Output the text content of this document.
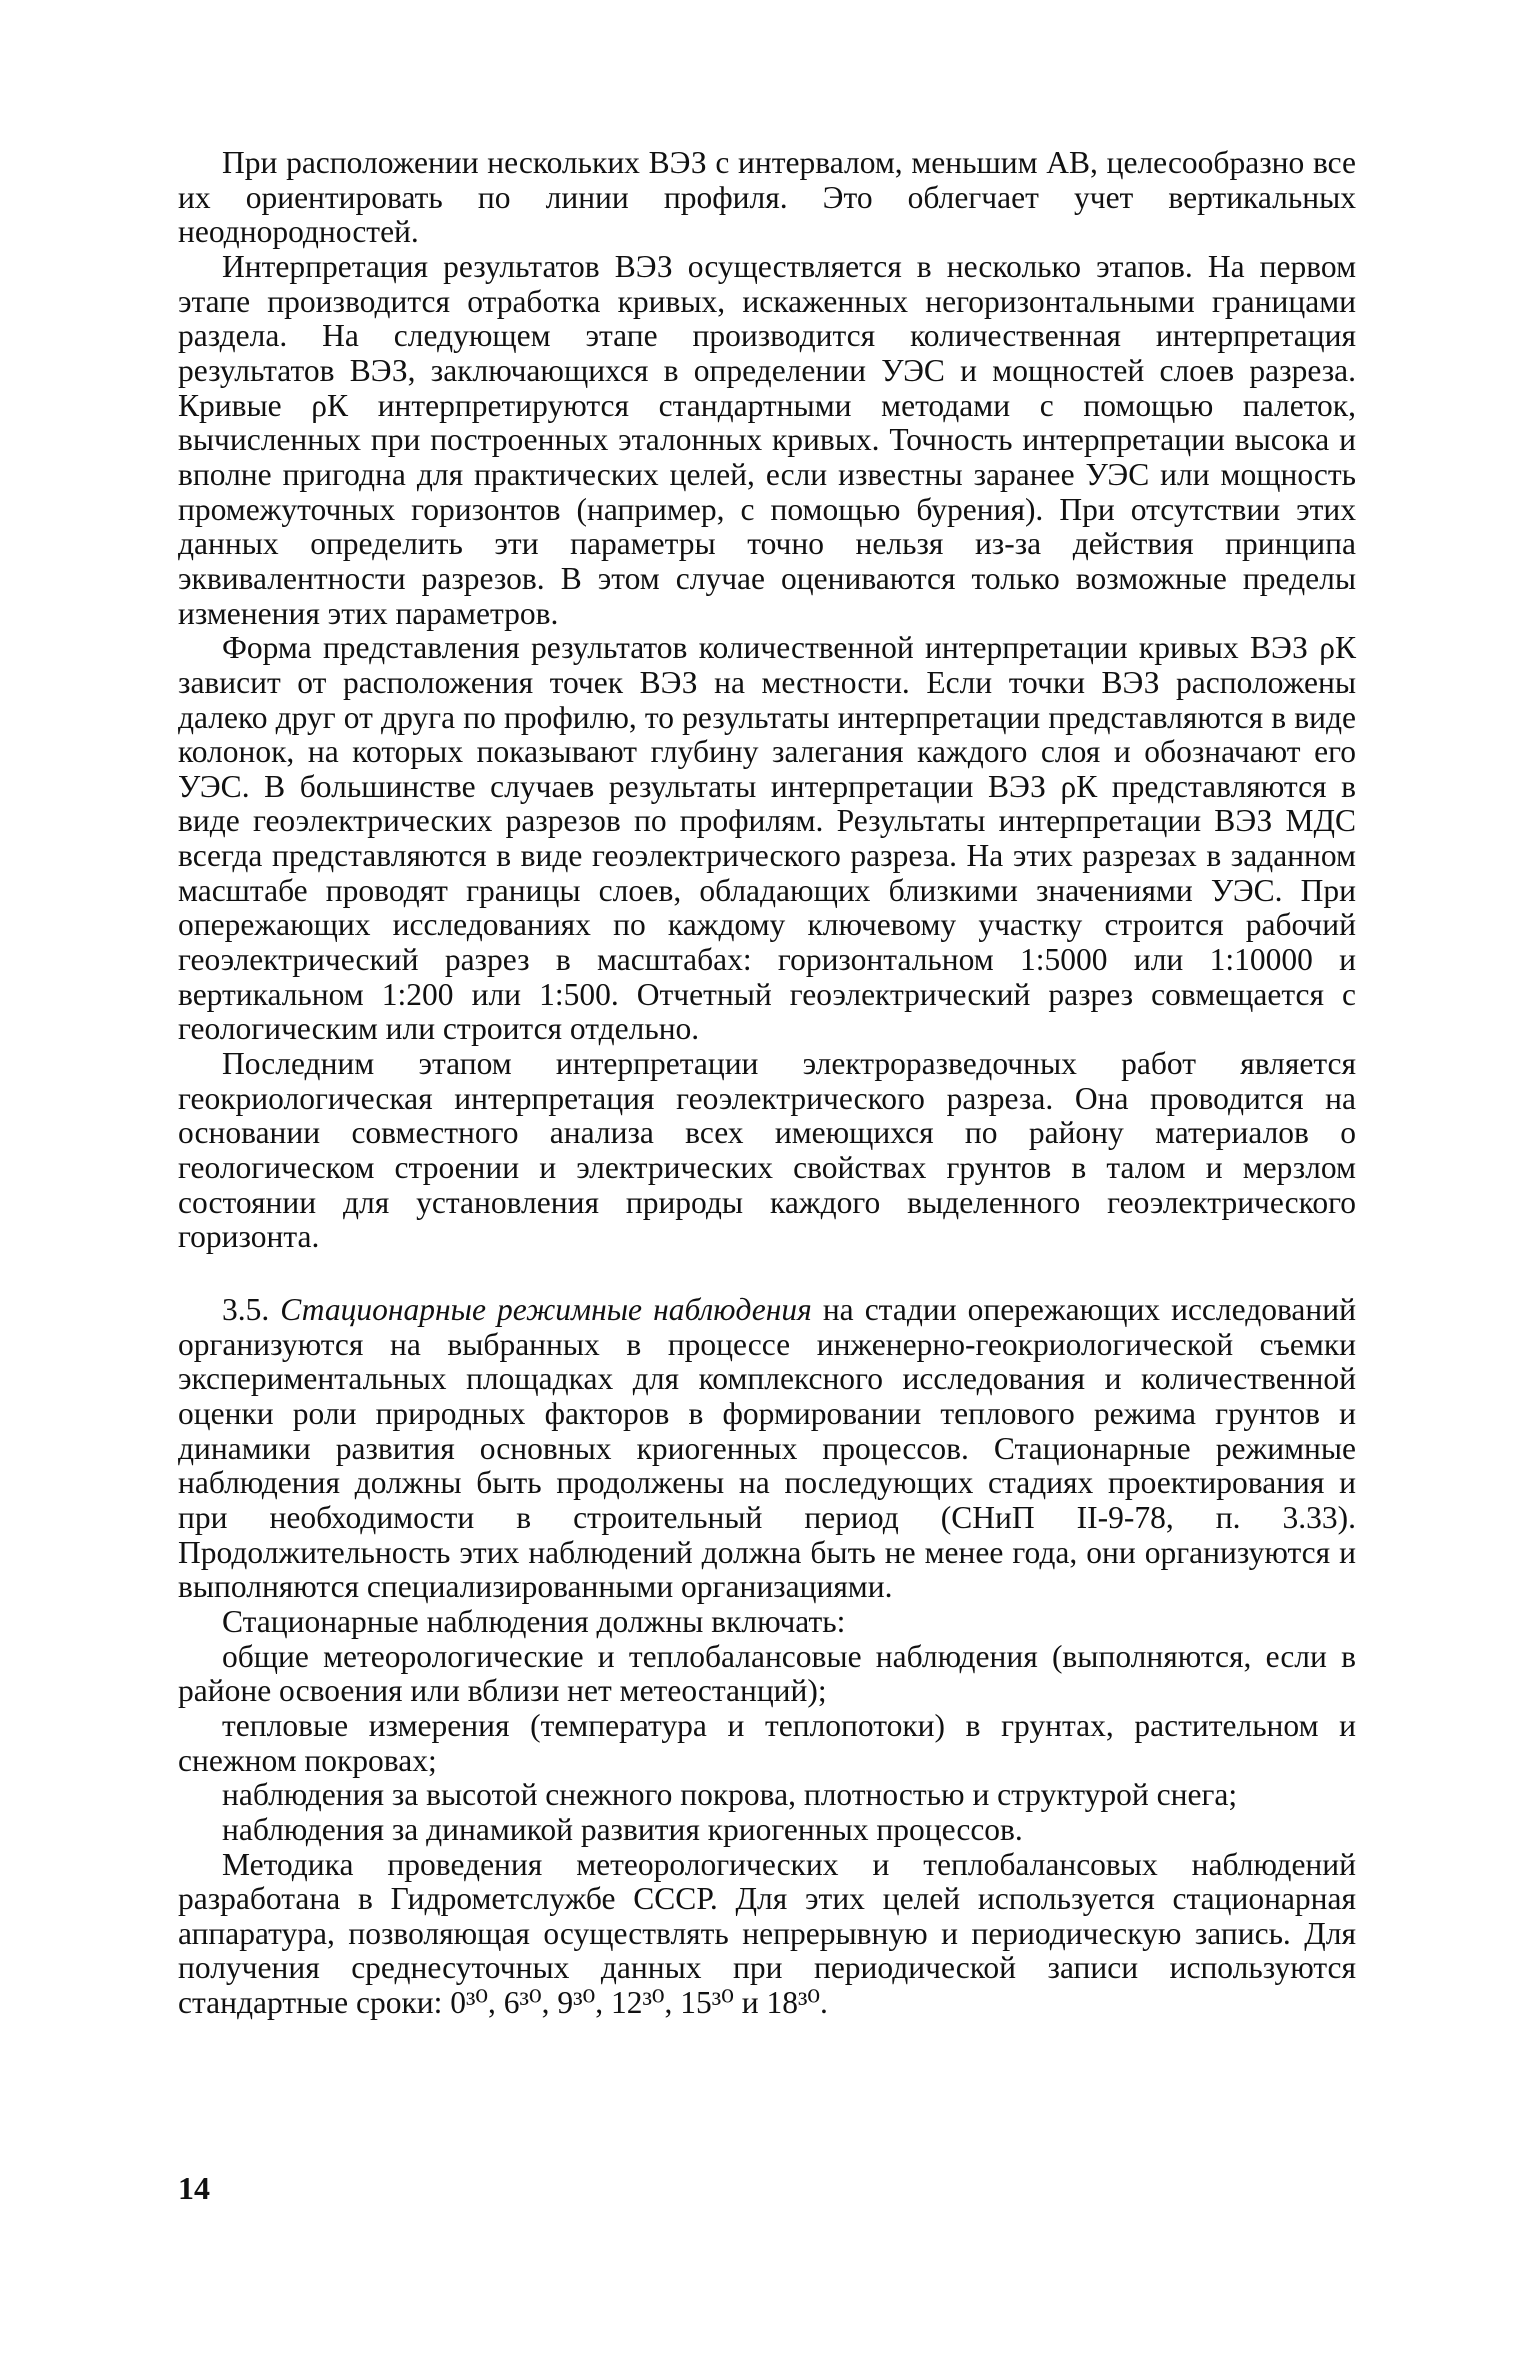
При расположении нескольких ВЭЗ с интервалом, меньшим АВ, целесообразно все их ориентировать по линии профиля. Это облегчает учет вертикальных неоднородностей.

Интерпретация результатов ВЭЗ осуществляется в несколько этапов. На первом этапе производится отработка кривых, искаженных негоризонтальными границами раздела. На следующем этапе производится количественная интерпретация результатов ВЭЗ, заключающихся в определении УЭС и мощностей слоев разреза. Кривые ρК интерпретируются стандартными методами с помощью палеток, вычисленных при построенных эталонных кривых. Точность интерпретации высока и вполне пригодна для практических целей, если известны заранее УЭС или мощность промежуточных горизонтов (например, с помощью бурения). При отсутствии этих данных определить эти параметры точно нельзя из-за действия принципа эквивалентности разрезов. В этом случае оцениваются только возможные пределы изменения этих параметров.

Форма представления результатов количественной интерпретации кривых ВЭЗ ρК зависит от расположения точек ВЭЗ на местности. Если точки ВЭЗ расположены далеко друг от друга по профилю, то результаты интерпретации представляются в виде колонок, на которых показывают глубину залегания каждого слоя и обозначают его УЭС. В большинстве случаев результаты интерпретации ВЭЗ ρК представляются в виде геоэлектрических разрезов по профилям. Результаты интерпретации ВЭЗ МДС всегда представляются в виде геоэлектрического разреза. На этих разрезах в заданном масштабе проводят границы слоев, обладающих близкими значениями УЭС. При опережающих исследованиях по каждому ключевому участку строится рабочий геоэлектрический разрез в масштабах: горизонтальном 1:5000 или 1:10000 и вертикальном 1:200 или 1:500. Отчетный геоэлектрический разрез совмещается с геологическим или строится отдельно.

Последним этапом интерпретации электроразведочных работ является геокриологическая интерпретация геоэлектрического разреза. Она проводится на основании совместного анализа всех имеющихся по району материалов о геологическом строении и электрических свойствах грунтов в талом и мерзлом состоянии для установления природы каждого выделенного геоэлектрического горизонта.

3.5. Стационарные режимные наблюдения на стадии опережающих исследований организуются на выбранных в процессе инженерно-геокриологической съемки экспериментальных площадках для комплексного исследования и количественной оценки роли природных факторов в формировании теплового режима грунтов и динамики развития основных криогенных процессов. Стационарные режимные наблюдения должны быть продолжены на последующих стадиях проектирования и при необходимости в строительный период (СНиП II-9-78, п. 3.33). Продолжительность этих наблюдений должна быть не менее года, они организуются и выполняются специализированными организациями.

Стационарные наблюдения должны включать:

общие метеорологические и теплобалансовые наблюдения (выполняются, если в районе освоения или вблизи нет метеостанций);

тепловые измерения (температура и теплопотоки) в грунтах, растительном и снежном покровах;

наблюдения за высотой снежного покрова, плотностью и структурой снега;

наблюдения за динамикой развития криогенных процессов.

Методика проведения метеорологических и теплобалансовых наблюдений разработана в Гидрометслужбе СССР. Для этих целей используется стационарная аппаратура, позволяющая осуществлять непрерывную и периодическую запись. Для получения среднесуточных данных при периодической записи используются стандартные сроки: 0³⁰, 6³⁰, 9³⁰, 12³⁰, 15³⁰ и 18³⁰.

14
